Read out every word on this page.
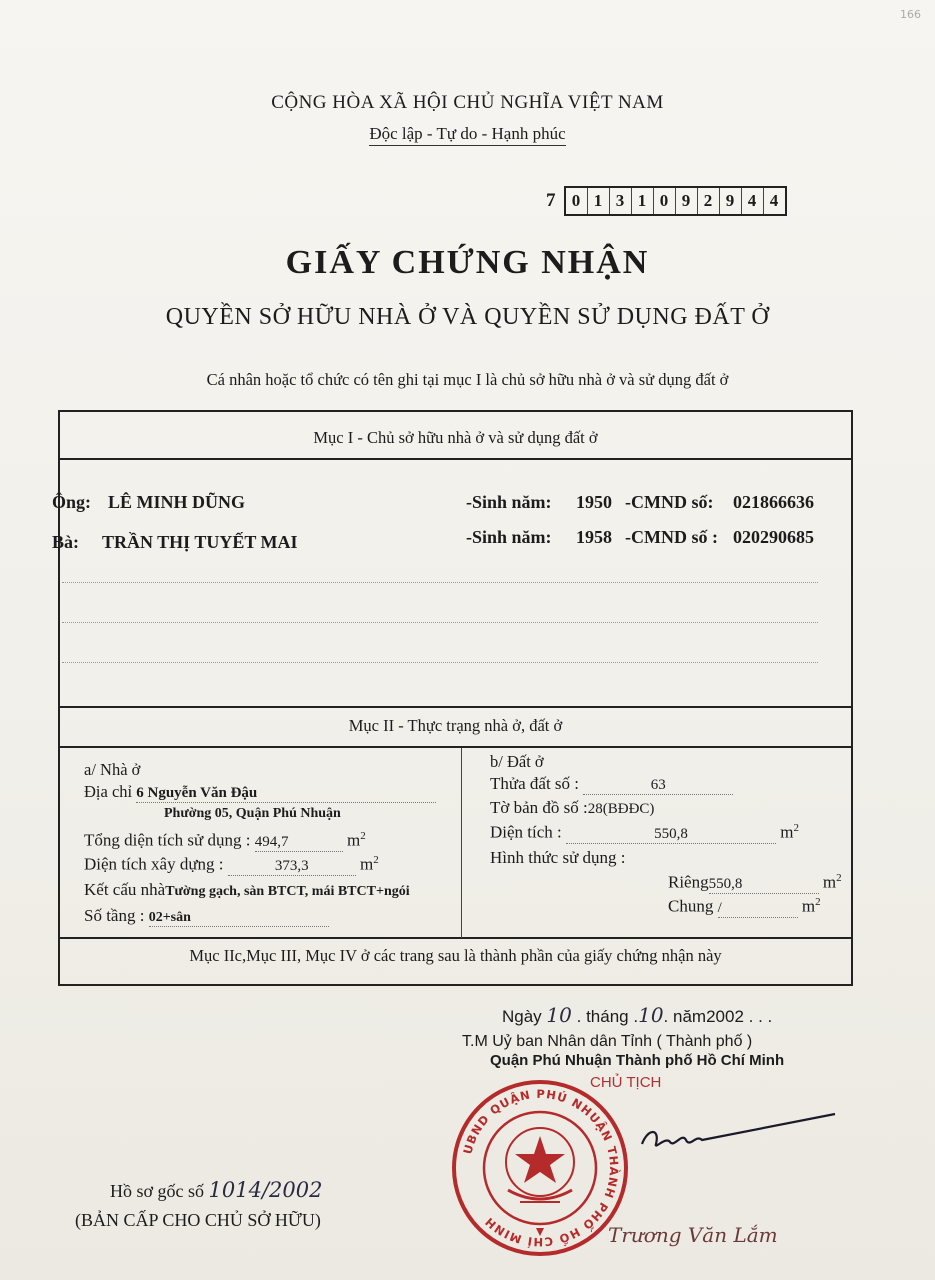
166
CỘNG HÒA XÃ HỘI CHỦ NGHĨA VIỆT NAM
Độc lập - Tự do - Hạnh phúc
7 0 1 3 1 0 9 2 9 4 4
GIẤY CHỨNG NHẬN
QUYỀN SỞ HỮU NHÀ Ở VÀ QUYỀN SỬ DỤNG ĐẤT Ở
Cá nhân hoặc tổ chức có tên ghi tại mục I là chủ sở hữu nhà ở và sử dụng đất ở
Mục I - Chủ sở hữu nhà ở và sử dụng đất ở
Ông: LÊ MINH DŨNG	-Sinh năm: 1950 -CMND số: 021866636
Bà: TRẦN THỊ TUYẾT MAI	-Sinh năm: 1958 -CMND số : 020290685
Mục II - Thực trạng nhà ở, đất ở
a/ Nhà ở
Địa chỉ 6 Nguyễn Văn Đậu
Phường 05, Quận Phú Nhuận
Tổng diện tích sử dụng : 494,7	$m^2$
Diện tích xây dựng :	373,3	$m^2$
Kết cấu nhàTường gạch, sàn BTCT, mái BTCT+ngói
Số tầng : 02+sân
b/ Đất ở
Thửa đất số :	63
Tờ bản đồ số :28(BĐĐC)
Diện tích :	550,8	$m^2$
Hình thức sử dụng :
Riêng550,8	$m^2$
Chung /	$m^2$
Mục IIc,Mục III, Mục IV ở các trang sau là thành phần của giấy chứng nhận này
Ngày 10 . tháng .10. năm2002 . . .
T.M Uỷ ban Nhân dân Tỉnh ( Thành phố )
Quận Phú Nhuận Thành phố Hồ Chí Minh
CHỦ TỊCH
UBND QUẬN PHÚ NHUẬN THÀNH PHỐ HỒ CHÍ MINH
Trương Văn Lắm
Hồ sơ gốc số 1014/2002
(BẢN CẤP CHO CHỦ SỞ HỮU)
